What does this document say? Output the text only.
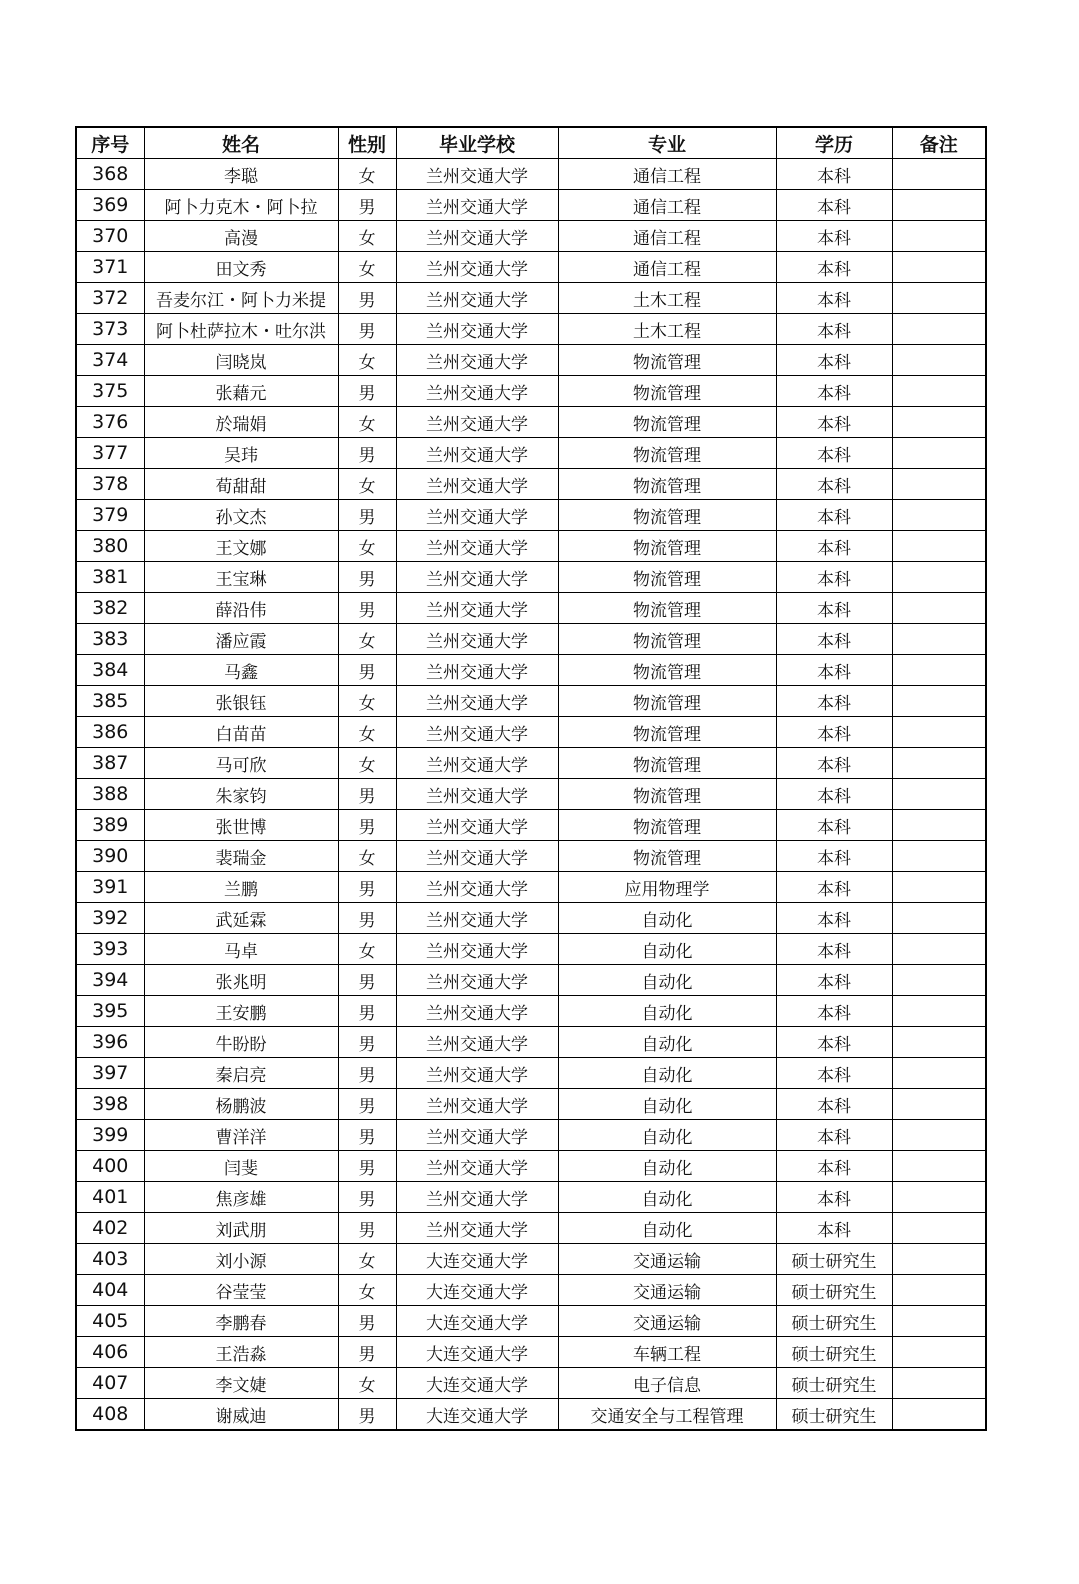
序号	姓名	性别	毕业学校	专业	学历	备注
368	李聪	女	兰州交通大学	通信工程	本科	
369	阿卜力克木・阿卜拉	男	兰州交通大学	通信工程	本科	
370	高漫	女	兰州交通大学	通信工程	本科	
371	田文秀	女	兰州交通大学	通信工程	本科	
372	吾麦尔江・阿卜力米提	男	兰州交通大学	土木工程	本科	
373	阿卜杜萨拉木・吐尔洪	男	兰州交通大学	土木工程	本科	
374	闫晓岚	女	兰州交通大学	物流管理	本科	
375	张藉元	男	兰州交通大学	物流管理	本科	
376	於瑞娟	女	兰州交通大学	物流管理	本科	
377	吴玮	男	兰州交通大学	物流管理	本科	
378	荀甜甜	女	兰州交通大学	物流管理	本科	
379	孙文杰	男	兰州交通大学	物流管理	本科	
380	王文娜	女	兰州交通大学	物流管理	本科	
381	王宝琳	男	兰州交通大学	物流管理	本科	
382	薛沿伟	男	兰州交通大学	物流管理	本科	
383	潘应霞	女	兰州交通大学	物流管理	本科	
384	马鑫	男	兰州交通大学	物流管理	本科	
385	张银钰	女	兰州交通大学	物流管理	本科	
386	白苗苗	女	兰州交通大学	物流管理	本科	
387	马可欣	女	兰州交通大学	物流管理	本科	
388	朱家钧	男	兰州交通大学	物流管理	本科	
389	张世博	男	兰州交通大学	物流管理	本科	
390	裴瑞金	女	兰州交通大学	物流管理	本科	
391	兰鹏	男	兰州交通大学	应用物理学	本科	
392	武延霖	男	兰州交通大学	自动化	本科	
393	马卓	女	兰州交通大学	自动化	本科	
394	张兆明	男	兰州交通大学	自动化	本科	
395	王安鹏	男	兰州交通大学	自动化	本科	
396	牛盼盼	男	兰州交通大学	自动化	本科	
397	秦启亮	男	兰州交通大学	自动化	本科	
398	杨鹏波	男	兰州交通大学	自动化	本科	
399	曹洋洋	男	兰州交通大学	自动化	本科	
400	闫斐	男	兰州交通大学	自动化	本科	
401	焦彦雄	男	兰州交通大学	自动化	本科	
402	刘武朋	男	兰州交通大学	自动化	本科	
403	刘小源	女	大连交通大学	交通运输	硕士研究生	
404	谷莹莹	女	大连交通大学	交通运输	硕士研究生	
405	李鹏春	男	大连交通大学	交通运输	硕士研究生	
406	王浩淼	男	大连交通大学	车辆工程	硕士研究生	
407	李文婕	女	大连交通大学	电子信息	硕士研究生	
408	谢威迪	男	大连交通大学	交通安全与工程管理	硕士研究生	
